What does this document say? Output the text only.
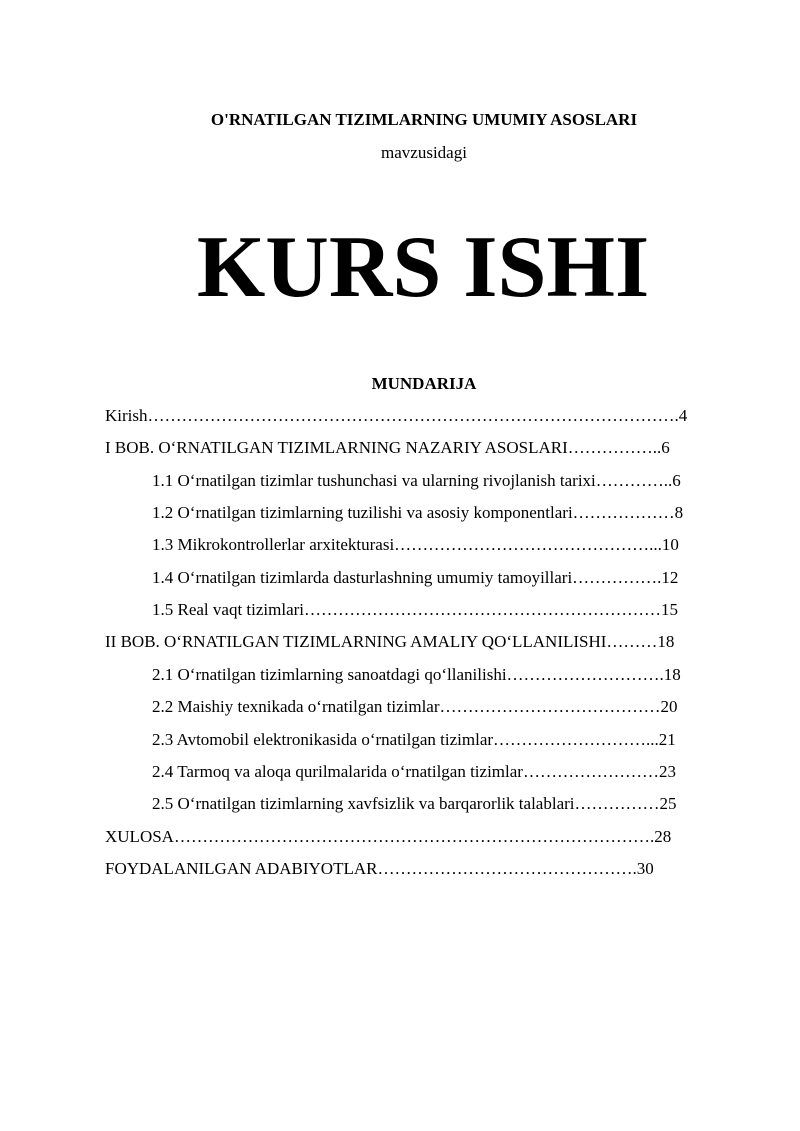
O'RNATILGAN TIZIMLARNING UMUMIY ASOSLARI
mavzusidagi
KURS ISHI
MUNDARIJA
Kirish………………………………………………………………………………….4
I BOB. O‘RNATILGAN TIZIMLARNING NAZARIY ASOSLARI……………..6
1.1 O‘rnatilgan tizimlar tushunchasi va ularning rivojlanish tarixi…………..6
1.2 O‘rnatilgan tizimlarning tuzilishi va asosiy komponentlari………………8
1.3 Mikrokontrollerlar arxitekturasi………………………………………...10
1.4 O‘rnatilgan tizimlarda dasturlashning umumiy tamoyillari…………….12
1.5 Real vaqt tizimlari………………………………………………………15
II BOB. O‘RNATILGAN TIZIMLARNING AMALIY QO‘LLANILISHI………18
2.1 O‘rnatilgan tizimlarning sanoatdagi qo‘llanilishi……………………….18
2.2 Maishiy texnikada o‘rnatilgan tizimlar…………………………………20
2.3 Avtomobil elektronikasida o‘rnatilgan tizimlar………………………...21
2.4 Tarmoq va aloqa qurilmalarida o‘rnatilgan tizimlar……………………23
2.5 O‘rnatilgan tizimlarning xavfsizlik va barqarorlik talablari……………25
XULOSA………………………………………………………………………….28
FOYDALANILGAN ADABIYOTLAR……………………………………….30
